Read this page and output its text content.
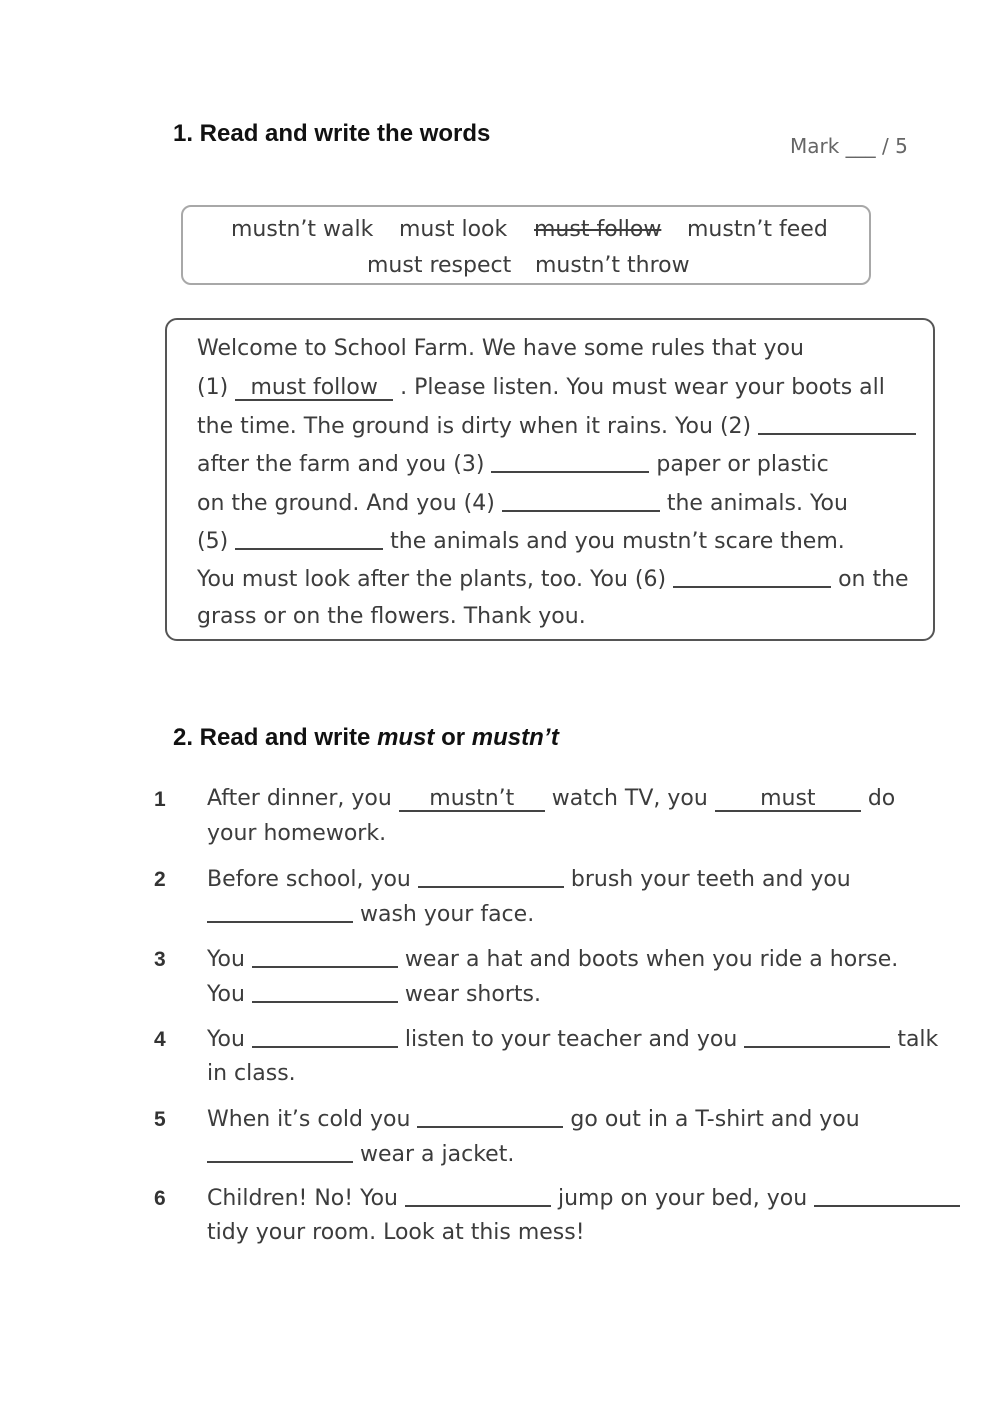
1. Read and write the words	Mark ___ / 5
mustn’t walk must look must follow mustn’t feed
must respect mustn’t throw
Welcome to School Farm. We have some rules that you
(1) must follow . Please listen. You must wear your boots all
the time. The ground is dirty when it rains. You (2)
after the farm and you (3)	paper or plastic
on the ground. And you (4)	the animals. You
(5)	the animals and you mustn’t scare them.
You must look after the plants, too. You (6)	on the
grass or on the flowers. Thank you.
2. Read and write must or mustn’t
1 After dinner, you mustn’t watch TV, you must do
your homework.
2 Before school, you	brush your teeth and you
wash your face.
3 You	wear a hat and boots when you ride a horse.
You	wear shorts.
4 You	listen to your teacher and you	talk
in class.
5 When it’s cold you	go out in a T-shirt and you
wear a jacket.
6 Children! No! You	jump on your bed, you
tidy your room. Look at this mess!
